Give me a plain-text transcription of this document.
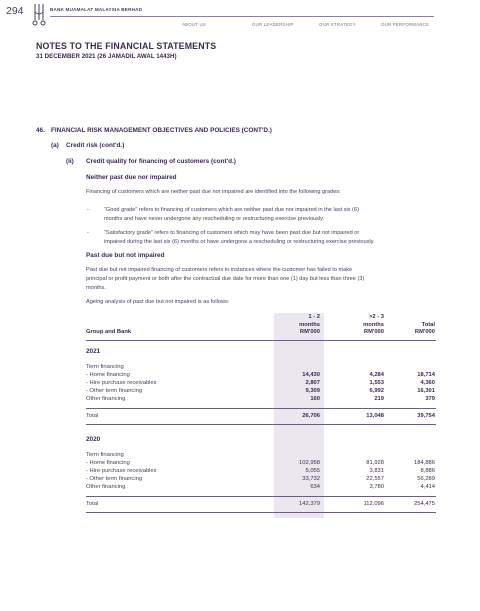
294	BANK MUAMALAT MALAYSIA BERHAD
ABOUT US	OUR LEADERSHIP	OUR STRATEGY	OUR PERFORMANCE
NOTES TO THE FINANCIAL STATEMENTS
31 DECEMBER 2021 (26 JAMADIL AWAL 1443H)
46. FINANCIAL RISK MANAGEMENT OBJECTIVES AND POLICIES (CONT'D.)
(a) Credit risk (cont'd.)
(ii) Credit quality for financing of customers (cont'd.)
Neither past due nor impaired
Financing of customers which are neither past due nor impaired are identified into the following grades:
-	“Good grade” refers to financing of customers which are neither past due nor impaired in the last six (6)
months and have never undergone any rescheduling or restructuring exercise previously.
-	“Satisfactory grade” refers to financing of customers which may have been past due but not impaired or
impaired during the last six (6) months or have undergone a rescheduling or restructuring exercise previously.
Past due but not impaired
Past due but not impaired financing of customers refers to instances where the customer has failed to make
principal or profit payment or both after the contractual due date for more than one (1) day but less than three (3)
months.
Ageing analysis of past due but not impaired is as follows:
1 - 2
months
RM'000
>2 - 3
months
RM'000

Total
RM'000
Group and Bank
2021
Term financing
- Home financing	14,430	4,284	18,714
- Hire purchase receivables	2,807	1,553	4,360
- Other term financing	9,309	6,992	16,301
Other financing	160	219	379
Total	26,706	13,048	39,754
2020
Term financing
- Home financing	102,958	81,928	184,886
- Hire purchase receivables	5,055	3,831	8,886
- Other term financing	33,732	22,557	56,289
Other financing	634	3,780	4,414
Total	142,379	112,096	254,475
